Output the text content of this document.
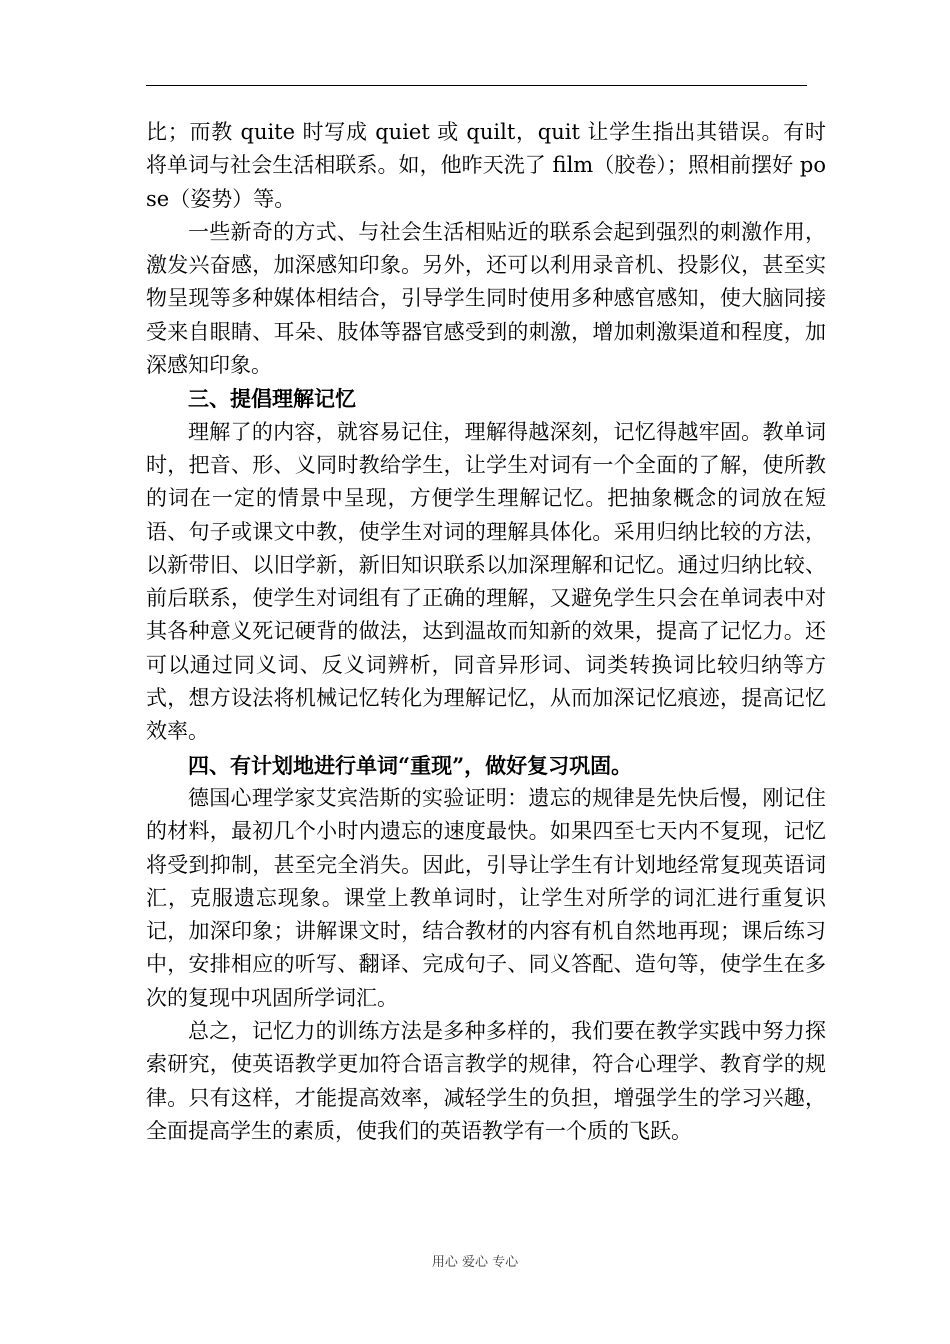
比；而教 quite 时写成 quiet 或 quilt，quit 让学生指出其错误。有时将单词与社会生活相联系。如，他昨天洗了 film（胶卷）；照相前摆好 pose（姿势）等。

一些新奇的方式、与社会生活相贴近的联系会起到强烈的刺激作用，激发兴奋感，加深感知印象。另外，还可以利用录音机、投影仪，甚至实物呈现等多种媒体相结合，引导学生同时使用多种感官感知，使大脑同接受来自眼睛、耳朵、肢体等器官感受到的刺激，增加刺激渠道和程度，加深感知印象。

三、提倡理解记忆

理解了的内容，就容易记住，理解得越深刻，记忆得越牢固。教单词时，把音、形、义同时教给学生，让学生对词有一个全面的了解，使所教的词在一定的情景中呈现，方便学生理解记忆。把抽象概念的词放在短语、句子或课文中教，使学生对词的理解具体化。采用归纳比较的方法，以新带旧、以旧学新，新旧知识联系以加深理解和记忆。通过归纳比较、前后联系，使学生对词组有了正确的理解，又避免学生只会在单词表中对其各种意义死记硬背的做法，达到温故而知新的效果，提高了记忆力。还可以通过同义词、反义词辨析，同音异形词、词类转换词比较归纳等方式，想方设法将机械记忆转化为理解记忆，从而加深记忆痕迹，提高记忆效率。

四、有计划地进行单词“重现”，做好复习巩固。

德国心理学家艾宾浩斯的实验证明：遗忘的规律是先快后慢，刚记住的材料，最初几个小时内遗忘的速度最快。如果四至七天内不复现，记忆将受到抑制，甚至完全消失。因此，引导让学生有计划地经常复现英语词汇，克服遗忘现象。课堂上教单词时，让学生对所学的词汇进行重复识记，加深印象；讲解课文时，结合教材的内容有机自然地再现；课后练习中，安排相应的听写、翻译、完成句子、同义答配、造句等，使学生在多次的复现中巩固所学词汇。

总之，记忆力的训练方法是多种多样的，我们要在教学实践中努力探索研究，使英语教学更加符合语言教学的规律，符合心理学、教育学的规律。只有这样，才能提高效率，减轻学生的负担，增强学生的学习兴趣，全面提高学生的素质，使我们的英语教学有一个质的飞跃。

用心 爱心 专心
